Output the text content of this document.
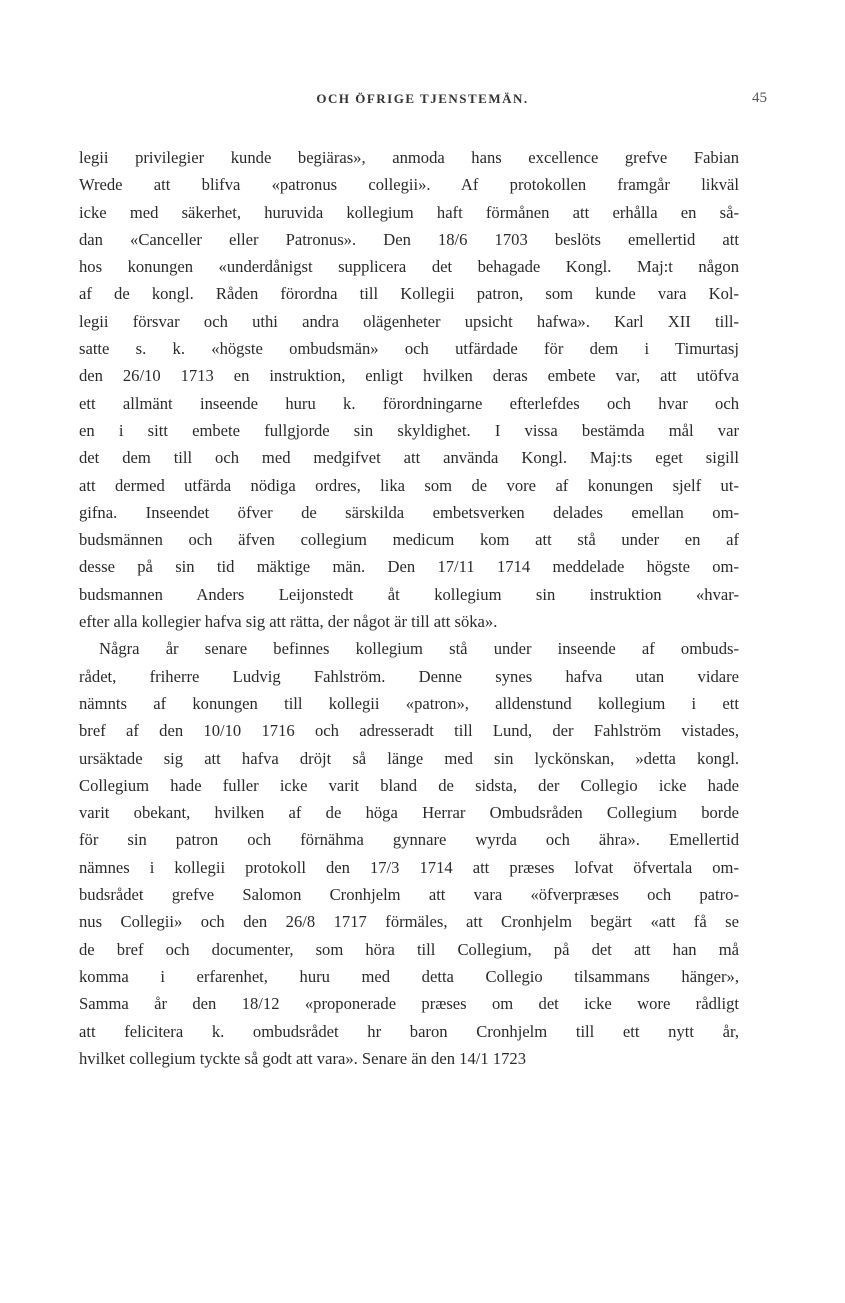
OCH ÖFRIGE TJENSTEMÄN.	45
legii privilegier kunde begiäras», anmoda hans excellence grefve Fabian
Wrede att blifva «patronus collegii». Af protokollen framgår likväl
icke med säkerhet, huruvida kollegium haft förmånen att erhålla en så-
dan «Canceller eller Patronus». Den 18/6 1703 beslöts emellertid att
hos konungen «underdånigst supplicera det behagade Kongl. Maj:t någon
af de kongl. Råden förordna till Kollegii patron, som kunde vara Kol-
legii försvar och uthi andra olägenheter upsicht hafwa». Karl XII till-
satte s. k. «högste ombudsmän» och utfärdade för dem i Timurtasj
den 26/10 1713 en instruktion, enligt hvilken deras embete var, att utöfva
ett allmänt inseende huru k. förordningarne efterlefdes och hvar och
en i sitt embete fullgjorde sin skyldighet. I vissa bestämda mål var
det dem till och med medgifvet att använda Kongl. Maj:ts eget sigill
att dermed utfärda nödiga ordres, lika som de vore af konungen sjelf ut-
gifna. Inseendet öfver de särskilda embetsverken delades emellan om-
budsmännen och äfven collegium medicum kom att stå under en af
desse på sin tid mäktige män. Den 17/11 1714 meddelade högste om-
budsmannen Anders Leijonstedt åt kollegium sin instruktion «hvar-
efter alla kollegier hafva sig att rätta, der något är till att söka».
Några år senare befinnes kollegium stå under inseende af ombuds-
rådet, friherre Ludvig Fahlström. Denne synes hafva utan vidare
nämnts af konungen till kollegii «patron», alldenstund kollegium i ett
bref af den 10/10 1716 och adresseradt till Lund, der Fahlström vistades,
ursäktade sig att hafva dröjt så länge med sin lyckönskan, »detta kongl.
Collegium hade fuller icke varit bland de sidsta, der Collegio icke hade
varit obekant, hvilken af de höga Herrar Ombudsråden Collegium borde
för sin patron och förnähma gynnare wyrda och ähra». Emellertid
nämnes i kollegii protokoll den 17/3 1714 att præses lofvat öfvertala om-
budsrådet grefve Salomon Cronhjelm att vara «öfverpræses och patro-
nus Collegii» och den 26/8 1717 förmäles, att Cronhjelm begärt «att få se
de bref och documenter, som höra till Collegium, på det att han må
komma i erfarenhet, huru med detta Collegio tilsammans hänger»,
Samma år den 18/12 «proponerade præses om det icke wore rådligt
att felicitera k. ombudsrådet hr baron Cronhjelm till ett nytt år,
hvilket collegium tyckte så godt att vara». Senare än den 14/1 1723
